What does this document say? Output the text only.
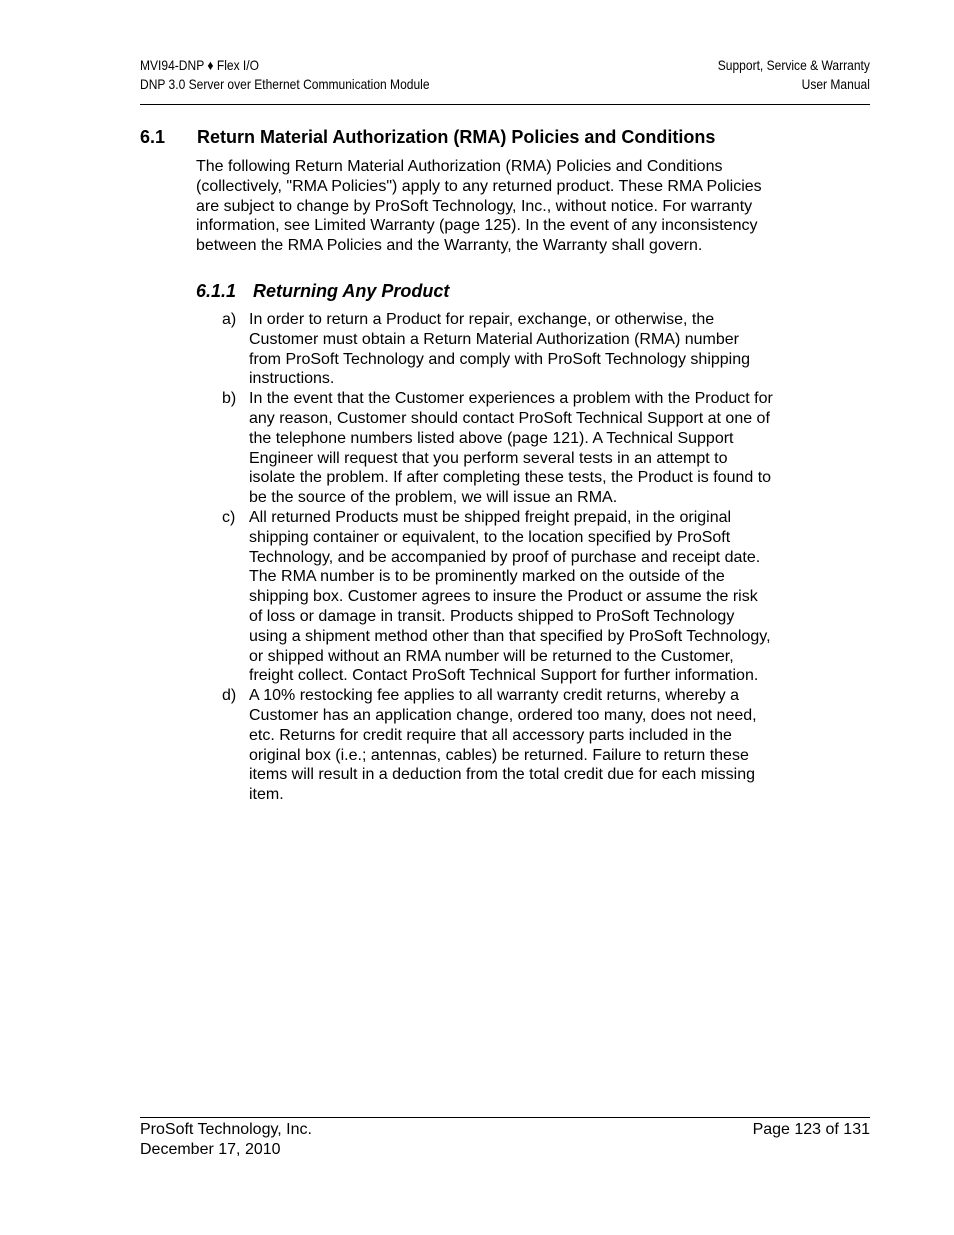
MVI94-DNP ♦ Flex I/O
DNP 3.0 Server over Ethernet Communication Module
Support, Service & Warranty
User Manual
6.1 Return Material Authorization (RMA) Policies and Conditions

The following Return Material Authorization (RMA) Policies and Conditions
(collectively, "RMA Policies") apply to any returned product. These RMA Policies
are subject to change by ProSoft Technology, Inc., without notice. For warranty
information, see Limited Warranty (page 125). In the event of any inconsistency
between the RMA Policies and the Warranty, the Warranty shall govern.

6.1.1 Returning Any Product
a) In order to return a Product for repair, exchange, or otherwise, the
Customer must obtain a Return Material Authorization (RMA) number
from ProSoft Technology and comply with ProSoft Technology shipping
instructions.
b) In the event that the Customer experiences a problem with the Product for
any reason, Customer should contact ProSoft Technical Support at one of
the telephone numbers listed above (page 121). A Technical Support
Engineer will request that you perform several tests in an attempt to
isolate the problem. If after completing these tests, the Product is found to
be the source of the problem, we will issue an RMA.
c) All returned Products must be shipped freight prepaid, in the original
shipping container or equivalent, to the location specified by ProSoft
Technology, and be accompanied by proof of purchase and receipt date.
The RMA number is to be prominently marked on the outside of the
shipping box. Customer agrees to insure the Product or assume the risk
of loss or damage in transit. Products shipped to ProSoft Technology
using a shipment method other than that specified by ProSoft Technology,
or shipped without an RMA number will be returned to the Customer,
freight collect. Contact ProSoft Technical Support for further information.
d) A 10% restocking fee applies to all warranty credit returns, whereby a
Customer has an application change, ordered too many, does not need,
etc. Returns for credit require that all accessory parts included in the
original box (i.e.; antennas, cables) be returned. Failure to return these
items will result in a deduction from the total credit due for each missing
item.
ProSoft Technology, Inc.
December 17, 2010
Page 123 of 131
